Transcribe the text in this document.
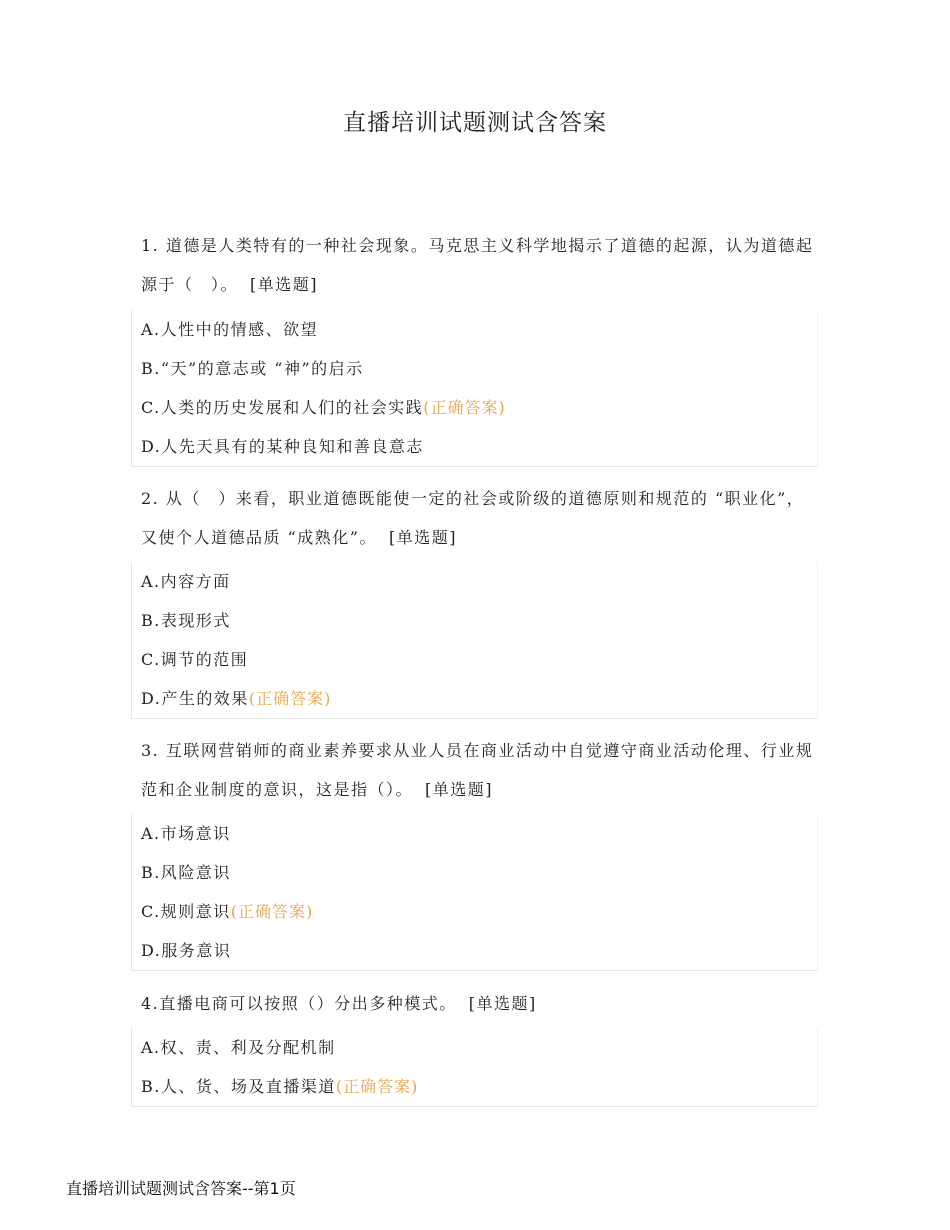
直播培训试题测试含答案
1. 道德是人类特有的一种社会现象。马克思主义科学地揭示了道德的起源，认为道德起源于（　）。 [单选题]
A.人性中的情感、欲望
B.“天”的意志或 “神”的启示
C.人类的历史发展和人们的社会实践(正确答案)
D.人先天具有的某种良知和善良意志
2. 从（　）来看，职业道德既能使一定的社会或阶级的道德原则和规范的 “职业化”，又使个人道德品质 “成熟化”。 [单选题]
A.内容方面
B.表现形式
C.调节的范围
D.产生的效果(正确答案)
3. 互联网营销师的商业素养要求从业人员在商业活动中自觉遵守商业活动伦理、行业规范和企业制度的意识，这是指（）。 [单选题]
A.市场意识
B.风险意识
C.规则意识(正确答案)
D.服务意识
4.直播电商可以按照（）分出多种模式。 [单选题]
A.权、责、利及分配机制
B.人、货、场及直播渠道(正确答案)
直播培训试题测试含答案--第1页
